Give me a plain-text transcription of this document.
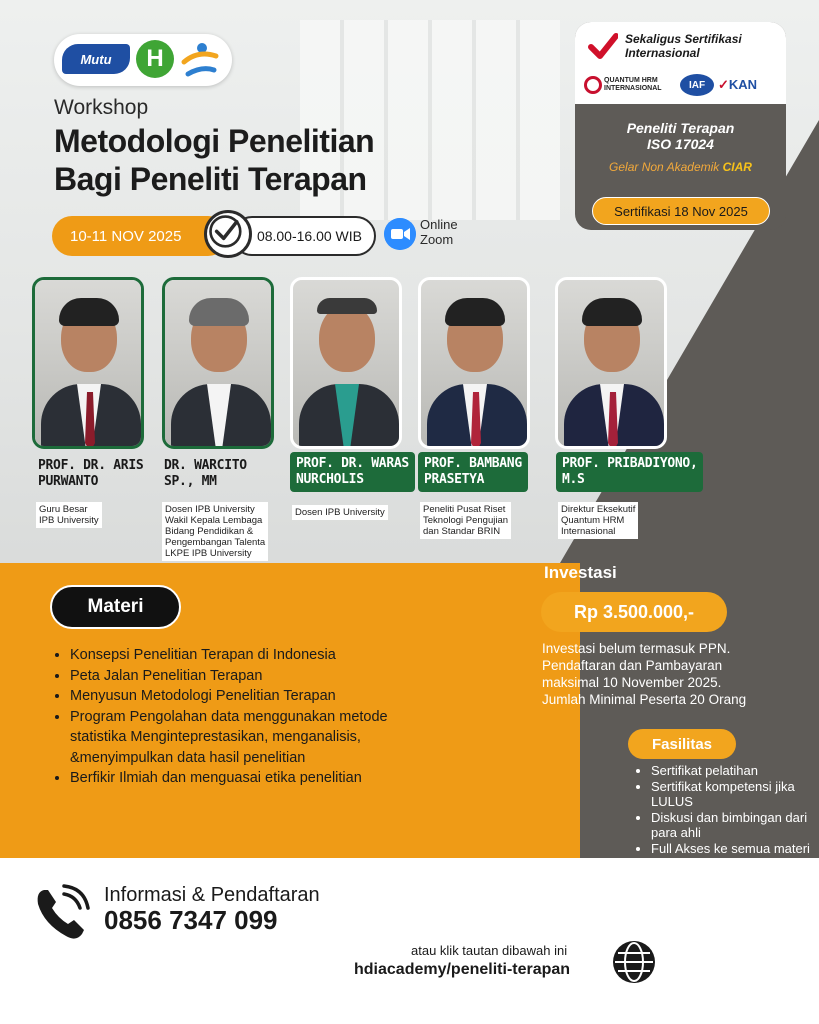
Mutu	H
Workshop
Metodologi Penelitian
Bagi Peneliti Terapan
10-11 NOV 2025	08.00-16.00 WIB
Online
Zoom
Sekaligus Sertifikasi
Internasional
QUANTUM HRM
INTERNASIONAL	IAF ✓KAN
Peneliti Terapan
ISO 17024
Gelar Non Akademik CIAR
Sertifikasi 18 Nov 2025
PROF. DR. ARIS
PURWANTO
Guru Besar
IPB University
DR. WARCITO
SP., MM
Dosen IPB University
Wakil Kepala Lembaga
Bidang Pendidikan &
Pengembangan Talenta
LKPE IPB University
PROF. DR. WARAS
NURCHOLIS
Dosen IPB University
PROF. BAMBANG
PRASETYA
Peneliti Pusat Riset
Teknologi Pengujian
dan Standar BRIN
PROF. PRIBADIYONO,
M.S
Direktur Eksekutif
Quantum HRM
Internasional
Materi
• Konsepsi Penelitian Terapan di Indonesia
• Peta Jalan Penelitian Terapan
• Menyusun Metodologi Penelitian Terapan
• Program Pengolahan data menggunakan metode statistika Menginteprestasikan, menganalisis, &menyimpulkan data hasil penelitian
• Berfikir Ilmiah dan menguasai etika penelitian
Investasi
Rp 3.500.000,-
Investasi belum termasuk PPN.
Pendaftaran dan Pambayaran
maksimal 10 November 2025.
Jumlah Minimal Peserta 20 Orang
Fasilitas
• Sertifikat pelatihan
• Sertifikat kompetensi jika LULUS
• Diskusi dan bimbingan dari para ahli
• Full Akses ke semua materi
Informasi & Pendaftaran
0856 7347 099
atau klik tautan dibawah ini
hdiacademy/peneliti-terapan
